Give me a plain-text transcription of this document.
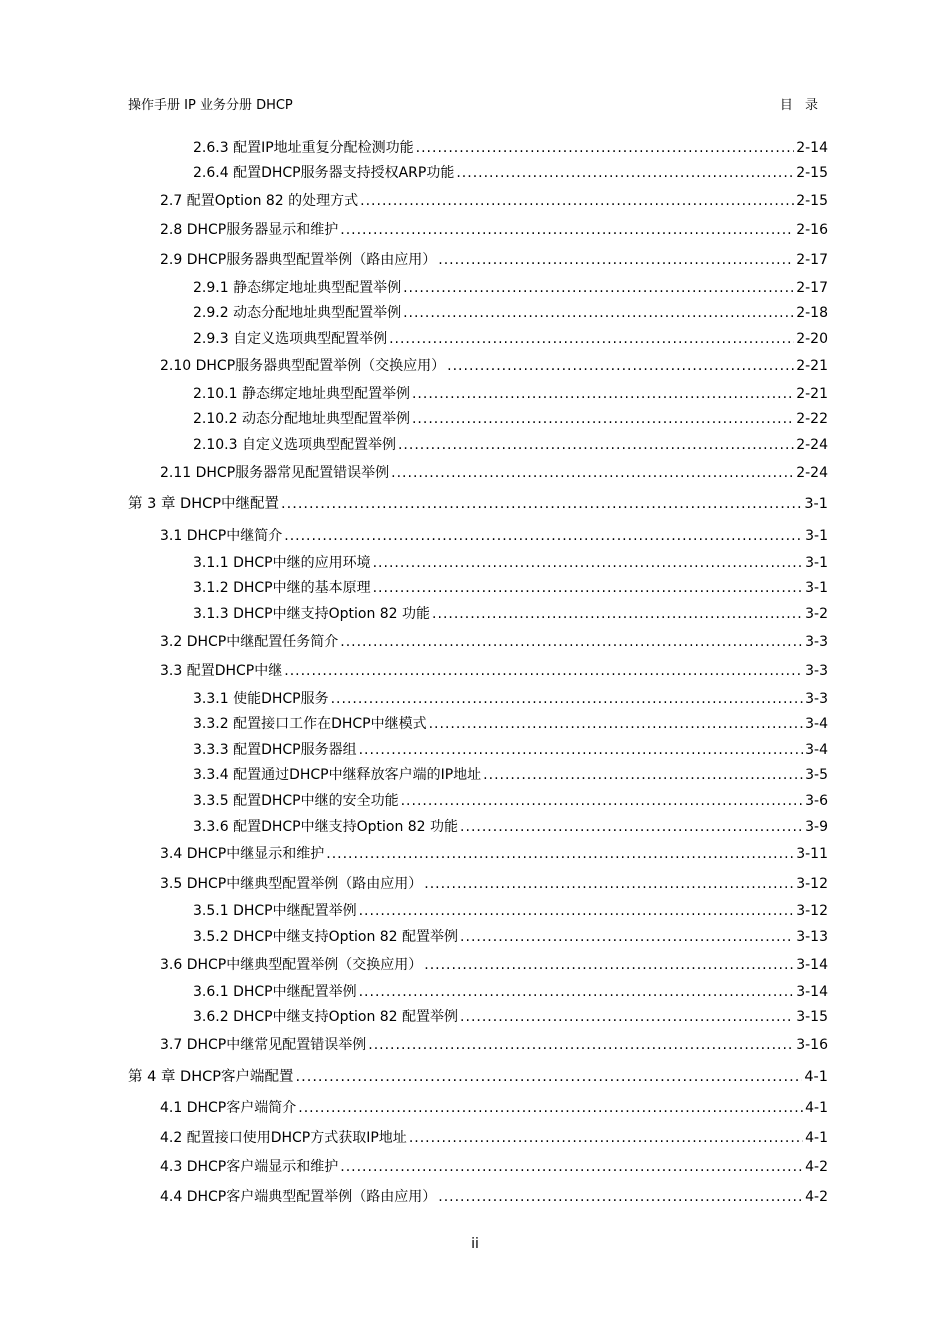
操作手册 IP 业务分册 DHCP	目 录
2.6.3 配置IP地址重复分配检测功能 .....	2-14
2.6.4 配置DHCP服务器支持授权ARP功能 .....	2-15
2.7 配置Option 82 的处理方式 .....	2-15
2.8 DHCP服务器显示和维护 .....	2-16
2.9 DHCP服务器典型配置举例（路由应用） .....	2-17
2.9.1 静态绑定地址典型配置举例 .....	2-17
2.9.2 动态分配地址典型配置举例 .....	2-18
2.9.3 自定义选项典型配置举例 .....	2-20
2.10 DHCP服务器典型配置举例（交换应用） .....	2-21
2.10.1 静态绑定地址典型配置举例 .....	2-21
2.10.2 动态分配地址典型配置举例 .....	2-22
2.10.3 自定义选项典型配置举例 .....	2-24
2.11 DHCP服务器常见配置错误举例 .....	2-24
第 3 章 DHCP中继配置 .....	3-1
3.1 DHCP中继简介 .....	3-1
3.1.1 DHCP中继的应用环境 .....	3-1
3.1.2 DHCP中继的基本原理 .....	3-1
3.1.3 DHCP中继支持Option 82 功能 .....	3-2
3.2 DHCP中继配置任务简介 .....	3-3
3.3 配置DHCP中继 .....	3-3
3.3.1 使能DHCP服务 .....	3-3
3.3.2 配置接口工作在DHCP中继模式 .....	3-4
3.3.3 配置DHCP服务器组 .....	3-4
3.3.4 配置通过DHCP中继释放客户端的IP地址 .....	3-5
3.3.5 配置DHCP中继的安全功能 .....	3-6
3.3.6 配置DHCP中继支持Option 82 功能 .....	3-9
3.4 DHCP中继显示和维护 .....	3-11
3.5 DHCP中继典型配置举例（路由应用） .....	3-12
3.5.1 DHCP中继配置举例 .....	3-12
3.5.2 DHCP中继支持Option 82 配置举例 .....	3-13
3.6 DHCP中继典型配置举例（交换应用） .....	3-14
3.6.1 DHCP中继配置举例 .....	3-14
3.6.2 DHCP中继支持Option 82 配置举例 .....	3-15
3.7 DHCP中继常见配置错误举例 .....	3-16
第 4 章 DHCP客户端配置 .....	4-1
4.1 DHCP客户端简介 .....	4-1
4.2 配置接口使用DHCP方式获取IP地址 .....	4-1
4.3 DHCP客户端显示和维护 .....	4-2
4.4 DHCP客户端典型配置举例（路由应用） .....	4-2
ii
